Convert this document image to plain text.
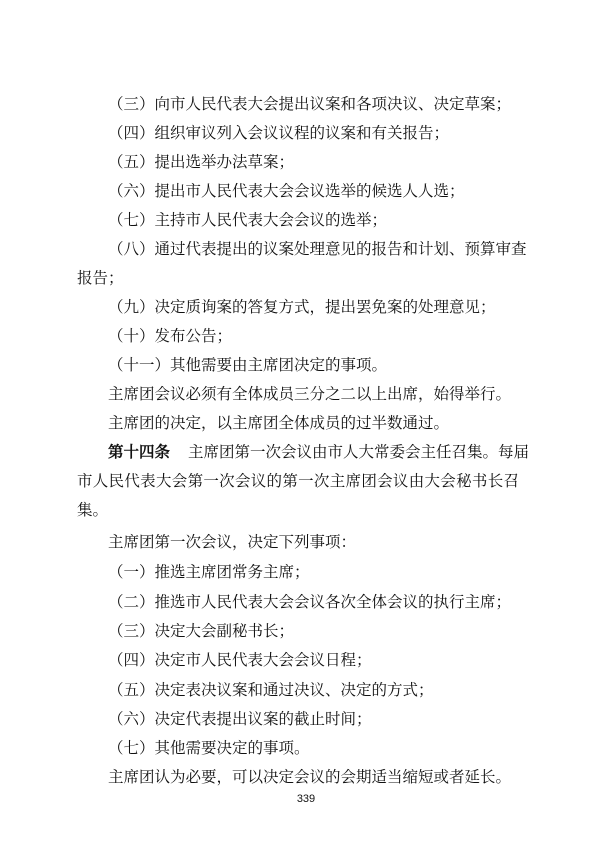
（三）向市人民代表大会提出议案和各项决议、决定草案；
（四）组织审议列入会议议程的议案和有关报告；
（五）提出选举办法草案；
（六）提出市人民代表大会会议选举的候选人人选；
（七）主持市人民代表大会会议的选举；
（八）通过代表提出的议案处理意见的报告和计划、预算审查
报告；
（九）决定质询案的答复方式，提出罢免案的处理意见；
（十）发布公告；
（十一）其他需要由主席团决定的事项。
主席团会议必须有全体成员三分之二以上出席，始得举行。
主席团的决定，以主席团全体成员的过半数通过。
第十四条 主席团第一次会议由市人大常委会主任召集。每届
市人民代表大会第一次会议的第一次主席团会议由大会秘书长召
集。
主席团第一次会议，决定下列事项：
（一）推选主席团常务主席；
（二）推选市人民代表大会会议各次全体会议的执行主席；
（三）决定大会副秘书长；
（四）决定市人民代表大会会议日程；
（五）决定表决议案和通过决议、决定的方式；
（六）决定代表提出议案的截止时间；
（七）其他需要决定的事项。
主席团认为必要，可以决定会议的会期适当缩短或者延长。
339
